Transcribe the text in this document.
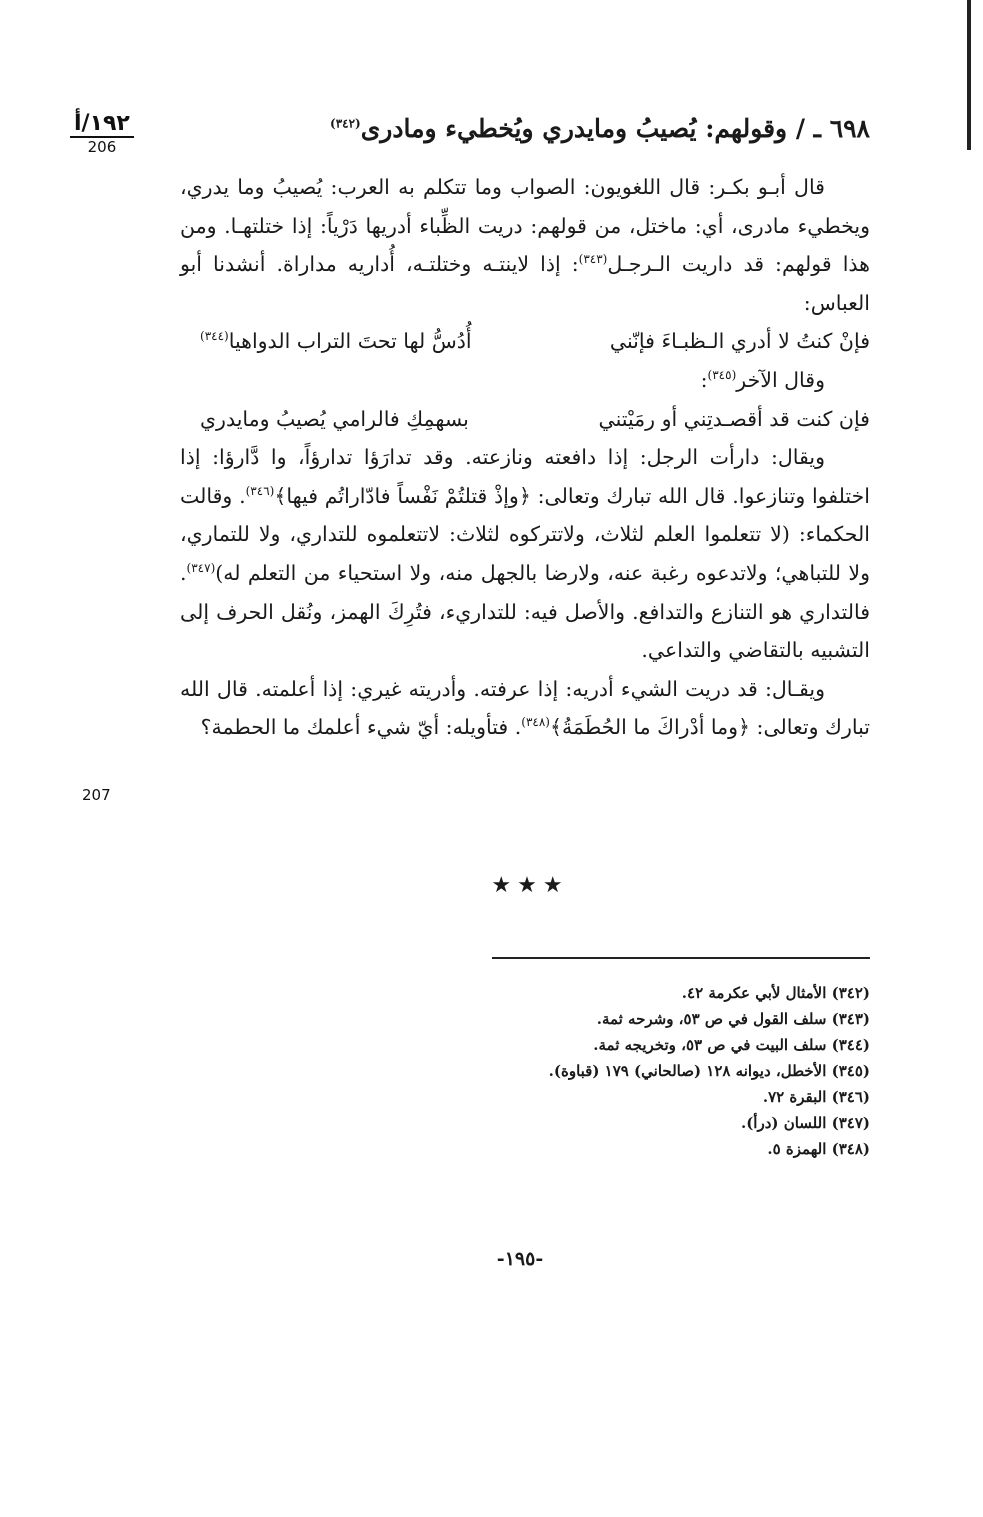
١٩٢/أ
206
207
٦٩٨ ـ / وقولهم: يُصيبُ ومايدري ويُخطيء ومادرى$^{(٣٤٢)}$

قال أبـو بكـر: قال اللغويون: الصواب وما تتكلم به العرب: يُصيبُ وما يدري، ويخطيء مادرى، أي: ماختل، من قولهم: دريت الظِّباء أدريها دَرْياً: إذا ختلتهـا. ومن هذا قولهم: قد داريت الـرجـل$^{(٣٤٣)}$: إذا لاينتـه وختلتـه، أُداريه مداراة. أنشدنا أبو العباس:

فإنْ كنتُ لا أدري الـظبـاءَ فإنّني
أُدُسُّ لها تحتَ التراب الدواهيا$^{(٣٤٤)}$

وقال الآخر$^{(٣٤٥)}$:

فإن كنت قد أقصـدتِني أو رمَيْتني
بسهمِكِ فالرامي يُصيبُ ومايدري

ويقال: دارأت الرجل: إذا دافعته ونازعته. وقد تدارَؤا تدارؤاً، وا دَّارؤا: إذا اختلفوا وتنازعوا. قال الله تبارك وتعالى: ﴿وإذْ قتلتُمْ نَفْساً فادّاراتُم فيها﴾$^{(٣٤٦)}$. وقالت الحكماء: (لا تتعلموا العلم لثلاث، ولاتتركوه لثلاث: لاتتعلموه للتداري، ولا للتماري، ولا للتباهي؛ ولاتدعوه رغبة عنه، ولارضا بالجهل منه، ولا استحياء من التعلم له)$^{(٣٤٧)}$. فالتداري هو التنازع والتدافع. والأصل فيه: للتداريء، فتُرِكَ الهمز، ونُقل الحرف إلى التشبيه بالتقاضي والتداعي.

ويقـال: قد دريت الشيء أدريه: إذا عرفته. وأدريته غيري: إذا أعلمته. قال الله تبارك وتعالى: ﴿وما أدْراكَ ما الحُطَمَةُ﴾$^{(٣٤٨)}$. فتأويله: أيّ شيء أعلمك ما الحطمة؟

★★★
(٣٤٢) الأمثال لأبي عكرمة ٤٢.
(٣٤٣) سلف القول في ص ٥٣، وشرحه ثمة.
(٣٤٤) سلف البيت في ص ٥٣، وتخريجه ثمة.
(٣٤٥) الأخطل، ديوانه ١٢٨ (صالحاني) ١٧٩ (قباوة).
(٣٤٦) البقرة ٧٢.
(٣٤٧) اللسان (درأ).
(٣٤٨) الهمزة ٥.
-١٩٥-
